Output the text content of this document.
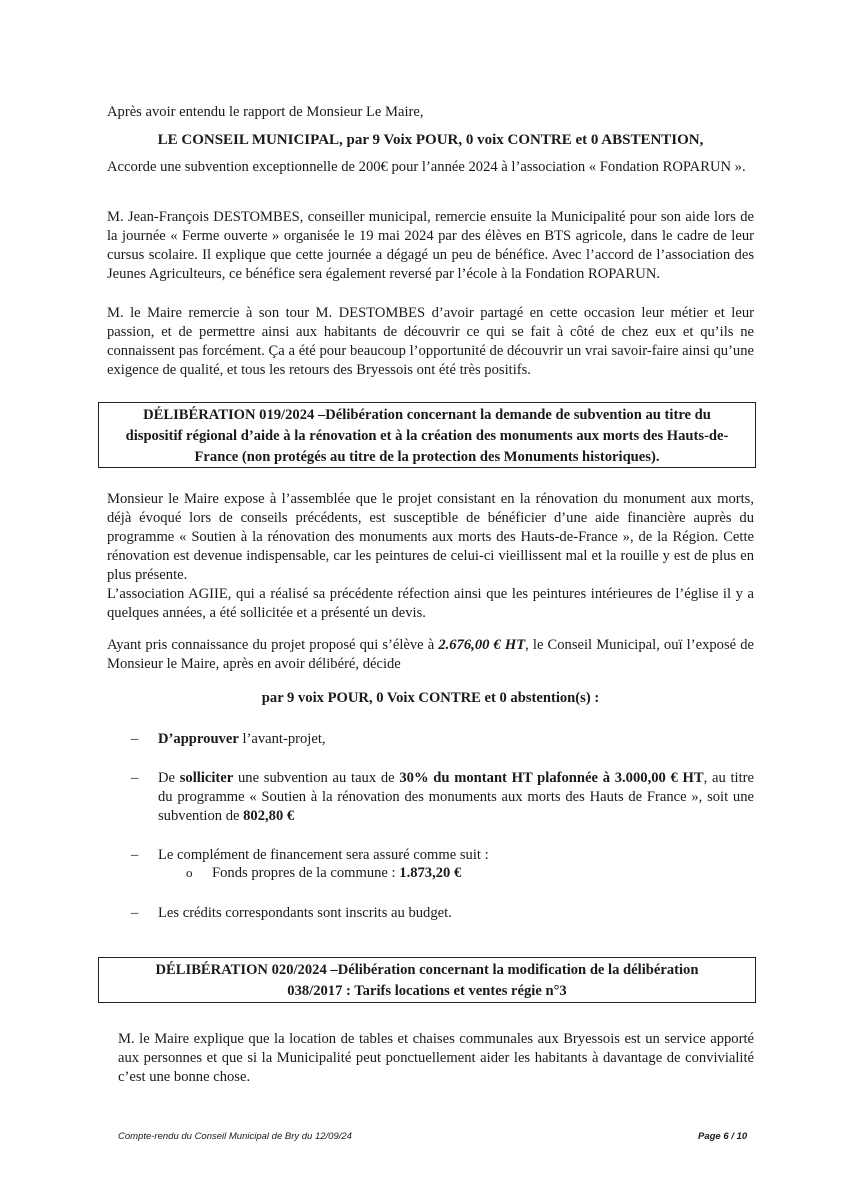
Après avoir entendu le rapport de Monsieur Le Maire,
LE CONSEIL MUNICIPAL, par 9 Voix POUR, 0 voix CONTRE et 0 ABSTENTION,
Accorde une subvention exceptionnelle de 200€ pour l’année 2024 à l’association « Fondation ROPARUN ».
M. Jean-François DESTOMBES, conseiller municipal, remercie ensuite la Municipalité pour son aide lors de la journée « Ferme ouverte » organisée le 19 mai 2024 par des élèves en BTS agricole, dans le cadre de leur cursus scolaire. Il explique que cette journée a dégagé un peu de bénéfice. Avec l’accord de l’association des Jeunes Agriculteurs, ce bénéfice sera également reversé par l’école à la Fondation ROPARUN.
M. le Maire remercie à son tour M. DESTOMBES d’avoir partagé en cette occasion leur métier et leur passion, et de permettre ainsi aux habitants de découvrir ce qui se fait à côté de chez eux et qu’ils ne connaissent pas forcément. Ça a été pour beaucoup l’opportunité de découvrir un vrai savoir-faire ainsi qu’une exigence de qualité, et tous les retours des Bryessois ont été très positifs.
DÉLIBÉRATION 019/2024 –Délibération concernant la demande de subvention au titre du dispositif régional d’aide à la rénovation et à la création des monuments aux morts des Hauts-de-France (non protégés au titre de la protection des Monuments historiques).
Monsieur le Maire expose à l’assemblée que le projet consistant en la rénovation du monument aux morts, déjà évoqué lors de conseils précédents, est susceptible de bénéficier d’une aide financière auprès du programme « Soutien à la rénovation des monuments aux morts des Hauts-de-France », de la Région. Cette rénovation est devenue indispensable, car les peintures de celui-ci vieillissent mal et la rouille y est de plus en plus présente.
L’association AGIIE, qui a réalisé sa précédente réfection ainsi que les peintures intérieures de l’église il y a quelques années, a été sollicitée et a présenté un devis.
Ayant pris connaissance du projet proposé qui s’élève à 2.676,00 € HT, le Conseil Municipal, ouï l’exposé de Monsieur le Maire, après en avoir délibéré, décide
par 9 voix POUR, 0 Voix CONTRE et 0 abstention(s) :
– D’approuver l’avant-projet,
– De solliciter une subvention au taux de 30% du montant HT plafonnée à 3.000,00 € HT, au titre du programme « Soutien à la rénovation des monuments aux morts des Hauts de France », soit une subvention de 802,80 €
– Le complément de financement sera assuré comme suit :
o Fonds propres de la commune : 1.873,20 €
– Les crédits correspondants sont inscrits au budget.
DÉLIBÉRATION 020/2024 –Délibération concernant la modification de la délibération
038/2017 : Tarifs locations et ventes régie n°3
M. le Maire explique que la location de tables et chaises communales aux Bryessois est un service apporté aux personnes et que si la Municipalité peut ponctuellement aider les habitants à davantage de convivialité c’est une bonne chose.
Compte-rendu du Conseil Municipal de Bry du 12/09/24	Page 6 / 10
